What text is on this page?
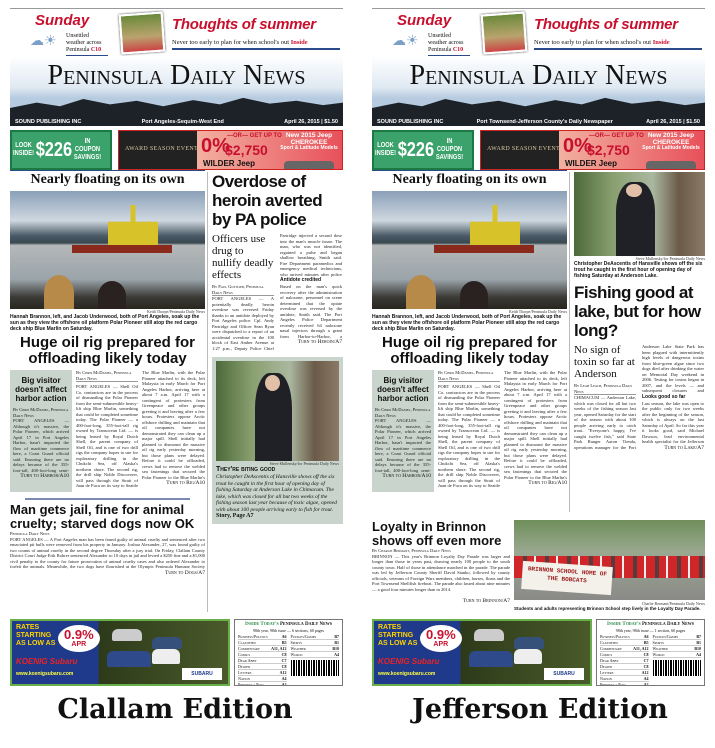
Sunday
☁☀ Unsettled weather across Peninsula C10
Thoughts of summer
Never too early to plan for when school's out Inside
Peninsula Daily News
SOUND PUBLISHING INC	Port Angeles-Sequim-West End	April 26, 2015 | $1.50
LOOK INSIDE! $226	IN COUPON SAVINGS!
AWARD SEASON EVENT 0%
—OR— GET UP TO
$2,750
WILDER Jeep
New 2015 Jeep CHEROKEE
Sport & Latitude Models
Nearly floating on its own
Keith Thorpe/Peninsula Daily News
Hannah Brannon, left, and Jacob Underwood, both of Port Angeles, soak up the sun as they view the offshore oil platform Polar Pioneer still atop the red cargo deck ship Blue Marlin on Saturday.
Huge oil rig prepared for offloading likely today
Big visitor doesn't affect harbor action
By Chris McDaniel, Peninsula Daily News
PORT ANGELES — Although it's massive, the Polar Pioneer, which arrived April 17 in Port Angeles Harbor, hasn't impacted the flow of maritime commerce here, a Coast Guard official said. Ensuring there are no delays because of the 355-foot-tall, 400-foot-long semi-
Turn to Harbor/A10
By Chris McDaniel, Peninsula Daily News
PORT ANGELES — Shell Oil Co. contractors are in the process of dismantling the Polar Pioneer from the semi-submersible heavy-lift ship Blue Marlin, something that could be completed sometime today. The Polar Pioneer — a 400-foot-long, 355-foot-tall rig owned by Transocean Ltd. — is being leased by Royal Dutch Shell, the parent company of Shell Oil, and is one of two drill rigs the company hopes to use for exploratory drilling in the Chukchi Sea, off Alaska's northern shore. The second rig, the drill ship Noble Discoverer, will pass through the Strait of Juan de Fuca on its way to Seattle
The Blue Marlin, with the Polar Pioneer attached to its deck, left Malaysia in early March for Port Angeles Harbor, arriving here at about 7 a.m. April 17 with a contingent of protesters from Greenpeace and other groups greeting it and leaving after a few hours. Protesters oppose Arctic offshore drilling and maintain that oil companies have not demonstrated they can clean up a major spill. Shell initially had planned to dismount the massive oil rig early yesterday morning, but those plans were delayed. Before it could be offloaded, crews had to remove the welded sea fastenings that secured the Polar Pioneer to the Blue Marlin's
Turn to Rig/A10
Man gets jail, fine for animal cruelty; starved dogs now OK
Peninsula Daily News
PORT ANGELES — A Port Angeles man has been found guilty of animal cruelty and sentenced after two emaciated pit bulls were removed from his property in January. Joshua Alexander, 27, was found guilty of two counts of animal cruelty in the second degree Thursday after a jury trial. On Friday, Clallam County District Court Judge Erik Rohrer sentenced Alexander to 10 days in jail and levied a $250 fine and a $1,000 civil penalty to the county for future prosecution of animal cruelty cases and also ordered Alexander to forfeit the animals. Meanwhile, the two dogs have flourished at the Olympic Peninsula Humane Society
Turn to Dogs/A7
RATES STARTING AS LOW AS
0.9%
APR
KOENIG Subaru
www.koenigsubaru.com	SUBARU
Inside Today's Peninsula Daily News
98th year, 98th issue — 6 sections, 60 pages
Business/Politics	A6
Classified	B5
Commentary	A11, A12
Comics	C8
Dear Abby	C7
Deaths	C8
Letters	A12
Nation	A4
Peninsula Poll	A2
Puzzles/Games	B7
Sports	B1
Weather	B10
World	A4
Overdose of heroin averted by PA police
Officers use drug to nullify deadly effects
By Paul Gottlieb, Peninsula Daily News
PORT ANGELES — A potentially deadly heroin overdose was reversed Friday thanks to an antidote deployed by Port Angeles police. Cpl. Andy Partridge and Officer Sean Ryan were dispatched to a report of an accidental overdose in the 100 block of East Amber Avenue at 1:27 p.m., Deputy Police Chief
Partridge injected a second dose into the man's muscle tissue. The man, who was not identified, regained a pulse and began shallow breathing, Smith said. Fire Department paramedics and emergency medical technicians, who arrived minutes after police
Antidote credited
Based on the man's quick recovery after the administration of naloxone, personnel on scene determined that the opiate overdose was reversed by the antidote, Smith said. The Port Angeles Police Department recently received 64 naloxone nasal injectors through a grant from Harbor-to-Harbor, a
Turn to Heroin/A7
Steve Mullensky/for Peninsula Daily News
They're biting good
Christopher DeAscentis of Hansville shows off the six trout he caught in the first hour of opening day of fishing Saturday at Anderson Lake in Chimacum. The lake, which was closed for all but two weeks of the fishing season last year because of toxic algae, opened with about 100 people arriving early to fish for trout. Story, Page A7
Sunday
☁☀ Unsettled weather across Peninsula C10
Thoughts of summer
Never too early to plan for when school's out Inside
Peninsula Daily News
SOUND PUBLISHING INC	Port Townsend-Jefferson County's Daily Newspaper	April 26, 2015 | $1.50
LOOK INSIDE! $226	IN COUPON SAVINGS!
AWARD SEASON EVENT 0%
—OR— GET UP TO
$2,750
WILDER Jeep
New 2015 Jeep CHEROKEE
Sport & Latitude Models
Nearly floating on its own
Keith Thorpe/Peninsula Daily News
Hannah Brannon, left, and Jacob Underwood, both of Port Angeles, soak up the sun as they view the offshore oil platform Polar Pioneer still atop the red cargo deck ship Blue Marlin on Saturday.
Huge oil rig prepared for offloading likely today
Big visitor doesn't affect harbor action
By Chris McDaniel, Peninsula Daily News
PORT ANGELES — Although it's massive, the Polar Pioneer, which arrived April 17 in Port Angeles Harbor, hasn't impacted the flow of maritime commerce here, a Coast Guard official said. Ensuring there are no delays because of the 355-foot-tall, 400-foot-long semi-
Turn to Harbor/A10
By Chris McDaniel, Peninsula Daily News
PORT ANGELES — Shell Oil Co. contractors are in the process of dismantling the Polar Pioneer from the semi-submersible heavy-lift ship Blue Marlin, something that could be completed sometime today. The Polar Pioneer — a 400-foot-long, 355-foot-tall rig owned by Transocean Ltd. — is being leased by Royal Dutch Shell, the parent company of Shell Oil, and is one of two drill rigs the company hopes to use for exploratory drilling in the Chukchi Sea, off Alaska's northern shore. The second rig, the drill ship Noble Discoverer, will pass through the Strait of Juan de Fuca on its way to Seattle
The Blue Marlin, with the Polar Pioneer attached to its deck, left Malaysia in early March for Port Angeles Harbor, arriving here at about 7 a.m. April 17 with a contingent of protesters from Greenpeace and other groups greeting it and leaving after a few hours. Protesters oppose Arctic offshore drilling and maintain that oil companies have not demonstrated they can clean up a major spill. Shell initially had planned to dismount the massive oil rig early yesterday morning, but those plans were delayed. Before it could be offloaded, crews had to remove the welded sea fastenings that secured the Polar Pioneer to the Blue Marlin's
Turn to Rig/A10
RATES STARTING AS LOW AS
0.9%
APR
KOENIG Subaru
www.koenigsubaru.com	SUBARU
Inside Today's Peninsula Daily News
98th year, 98th issue — 1 section, 60 pages
Business/Politics	A6
Classified	B5
Commentary	A11, A12
Comics	C8
Dear Abby	C7
Deaths	C8
Letters	A12
Nation	A4
Peninsula Poll	A2
Puzzles/Games	B7
Sports	B1
Weather	B10
World	A4
Steve Mullensky/for Peninsula Daily News
Christopher DeAscentis of Hansville shows off the six trout he caught in the first hour of opening day of fishing Saturday at Anderson Lake.
Fishing good at lake, but for how long?
No sign of toxin so far at Anderson
By Leah Leach, Peninsula Daily News
CHIMACUM — Anderson Lake, which was closed for all but two weeks of the fishing season last year, opened Saturday for the start of the season with about 100 people arriving early to catch trout. "Everyone's happy, I've caught twelve fish," said State Park Ranger Aaron Tienda, operations manager for the Port
Anderson Lake State Park has been plagued with intermittently high levels of dangerous toxins from blue-green algae since two dogs died after drinking the water on Memorial Day weekend in 2006. Testing for toxins began in 2007, and the levels — and subsequent closures and
Looks good so far
Last season, the lake was open to the public only for two weeks after the beginning of the season, which is always on the last Saturday of April. So far this year it looks good, said Michael Dawson, lead environmental health specialist for the Jefferson
Turn to Lake/A7
Loyalty in Brinnon shows off even more
By Charlie Bermant, Peninsula Daily News
BRINNON — This year's Brinnon Loyalty Day Parade was larger and longer than those in years past, drawing nearly 100 people to the south county town. Half of those in attendance marched in the parade. The parade was led by Jefferson County Sheriff David Stanko, followed by county officials, veterans of Foreign Wars members, children, horses, floats and the Port Townsend Shellfish fireboat. The parade also lasted about nine minutes — a good four minutes longer than in 2014.
Turn to Brinnon/A7
BRINNON SCHOOL HOME OF THE BOBCATS
Charlie Bermant/Peninsula Daily News
Students and adults representing Brinnon School step lively in the Loyalty Day Parade.
Clallam Edition	Jefferson Edition
